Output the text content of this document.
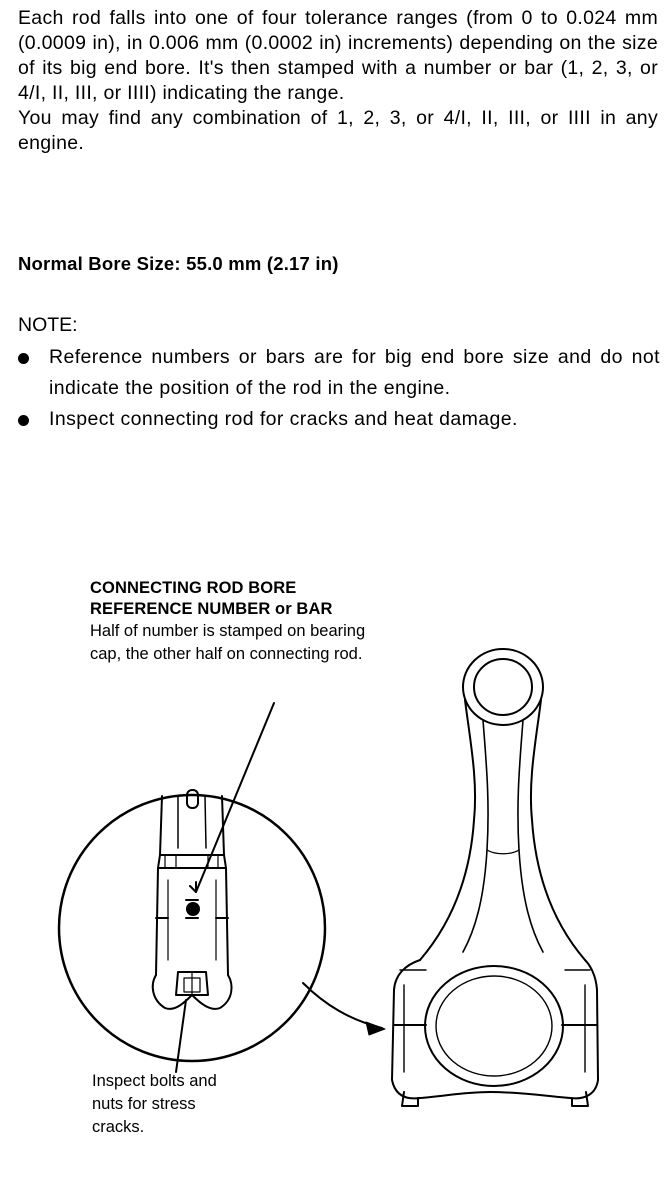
Each rod falls into one of four tolerance ranges (from 0 to 0.024 mm (0.0009 in), in 0.006 mm (0.0002 in) increments) depending on the size of its big end bore. It's then stamped with a number or bar (1, 2, 3, or 4/I, II, III, or IIII) indicating the range.

You may find any combination of 1, 2, 3, or 4/I, II, III, or IIII in any engine.

Normal Bore Size: 55.0 mm (2.17 in)

NOTE:

Reference numbers or bars are for big end bore size and do not indicate the position of the rod in the engine.
Inspect connecting rod for cracks and heat damage.
CONNECTING ROD BORE
REFERENCE NUMBER or BAR
Half of number is stamped on bearing cap, the other half on connecting rod.

Inspect bolts and nuts for stress cracks.
